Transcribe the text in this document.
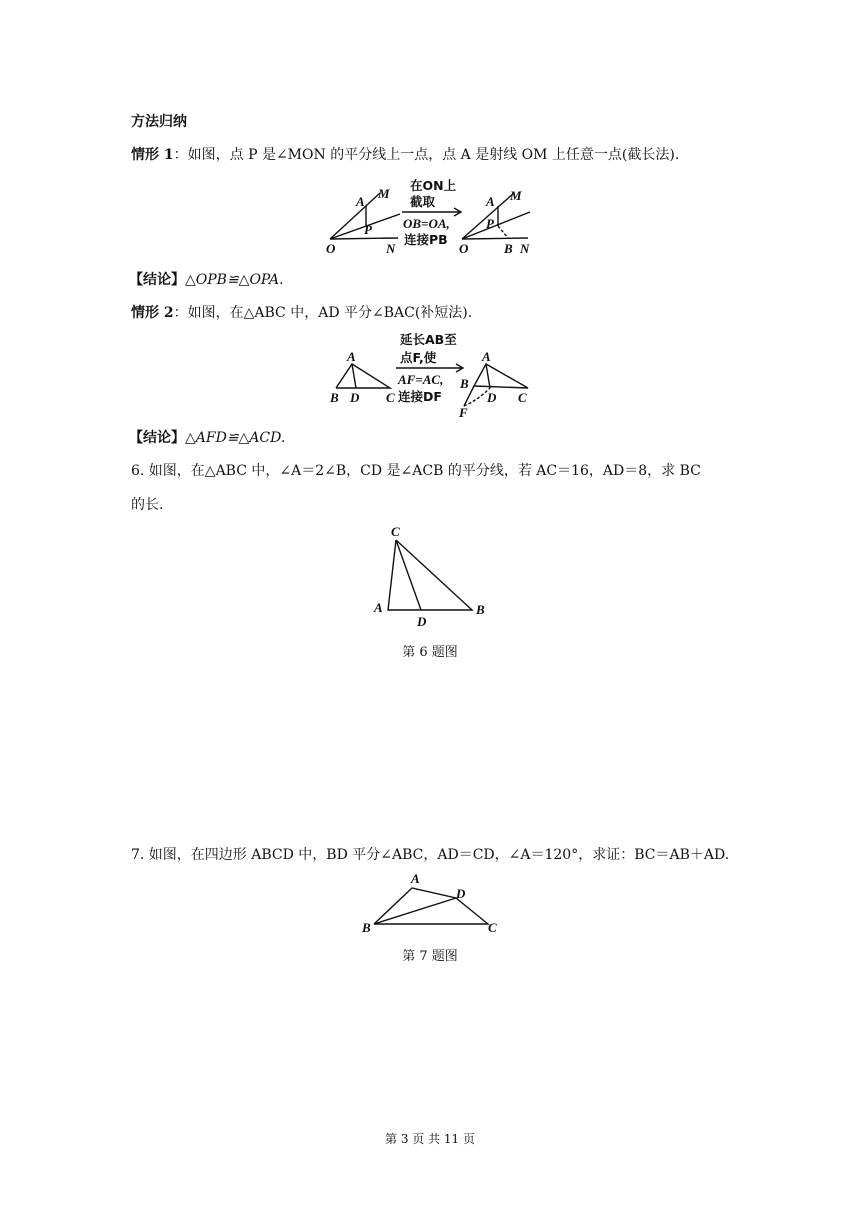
方法归纳
情形 1：如图，点 P 是∠MON 的平分线上一点，点 A 是射线 OM 上任意一点(截长法).
A
M
P
O	N
在ON上
截取
OB=OA,
连接PB
A M
P
O	B N
【结论】△OPB≌△OPA.
情形 2：如图，在△ABC 中，AD 平分∠BAC(补短法).
A
B D C
延长AB至
点F,使
AF=AC,
连接DF
A
B
D C
F
【结论】△AFD≌△ACD.
6. 如图，在△ABC 中，∠A＝2∠B，CD 是∠ACB 的平分线，若 AC＝16，AD＝8，求 BC
的长.
C
A
D
B
第 6 题图
7. 如图，在四边形 ABCD 中，BD 平分∠ABC，AD＝CD，∠A＝120°，求证：BC＝AB＋AD.
A
D
B	C
第 7 题图
第 3 页 共 11 页
